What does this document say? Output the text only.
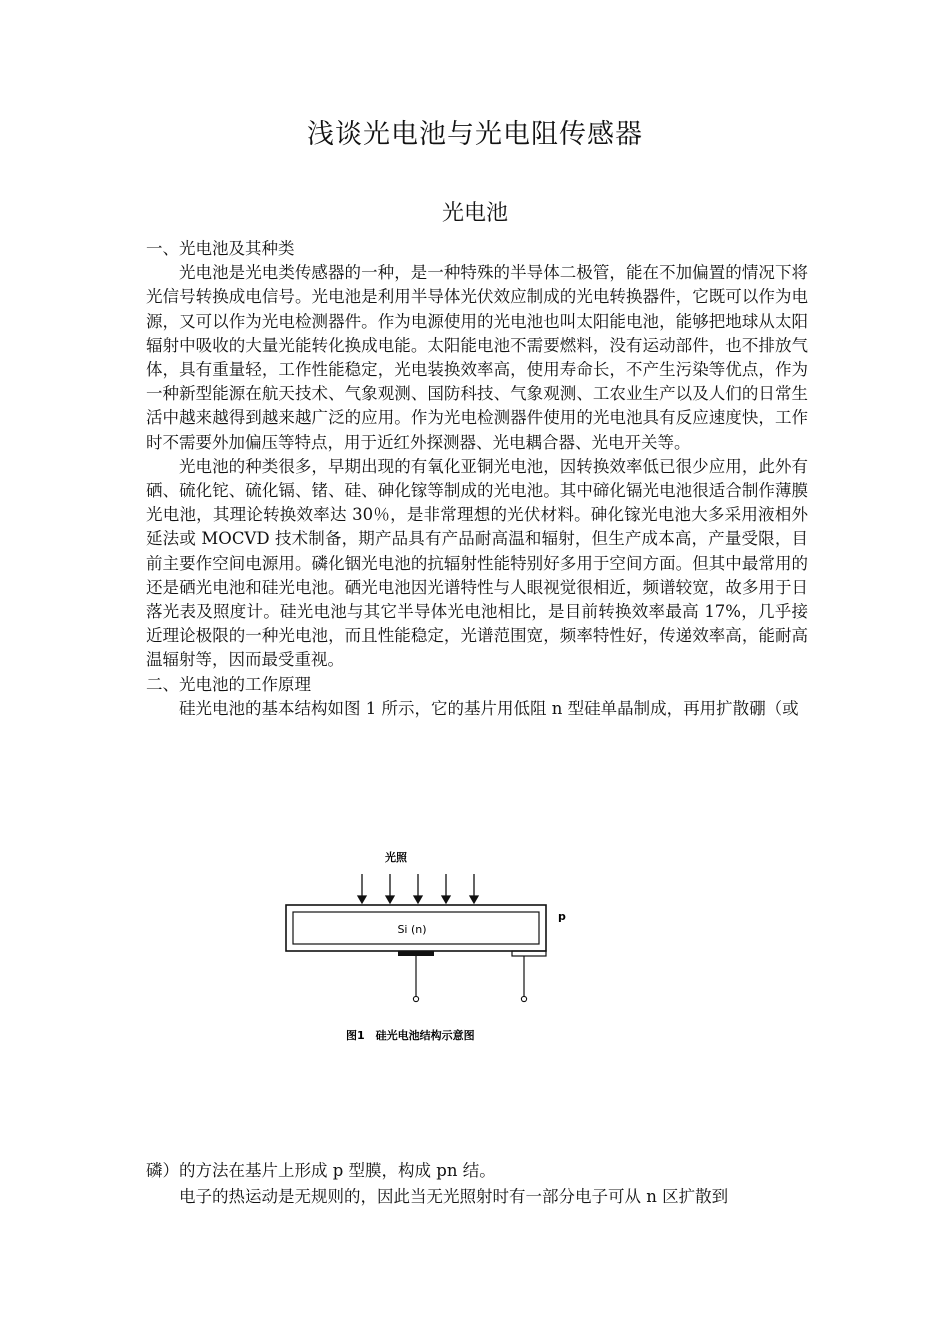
浅谈光电池与光电阻传感器
光电池

一、光电池及其种类

光电池是光电类传感器的一种，是一种特殊的半导体二极管，能在不加偏置的情况下将光信号转换成电信号。光电池是利用半导体光伏效应制成的光电转换器件，它既可以作为电源，又可以作为光电检测器件。作为电源使用的光电池也叫太阳能电池，能够把地球从太阳辐射中吸收的大量光能转化换成电能。太阳能电池不需要燃料，没有运动部件，也不排放气体，具有重量轻，工作性能稳定，光电装换效率高，使用寿命长，不产生污染等优点，作为一种新型能源在航天技术、气象观测、国防科技、气象观测、工农业生产以及人们的日常生活中越来越得到越来越广泛的应用。作为光电检测器件使用的光电池具有反应速度快，工作时不需要外加偏压等特点，用于近红外探测器、光电耦合器、光电开关等。

光电池的种类很多，早期出现的有氧化亚铜光电池，因转换效率低已很少应用，此外有硒、硫化铊、硫化镉、锗、硅、砷化镓等制成的光电池。其中碲化镉光电池很适合制作薄膜光电池，其理论转换效率达 30％，是非常理想的光伏材料。砷化镓光电池大多采用液相外延法或 MOCVD 技术制备，期产品具有产品耐高温和辐射，但生产成本高，产量受限，目前主要作空间电源用。磷化铟光电池的抗辐射性能特别好多用于空间方面。但其中最常用的还是硒光电池和硅光电池。硒光电池因光谱特性与人眼视觉很相近，频谱较宽，故多用于日落光表及照度计。硅光电池与其它半导体光电池相比，是目前转换效率最高 17%，几乎接近理论极限的一种光电池，而且性能稳定，光谱范围宽，频率特性好，传递效率高，能耐高温辐射等，因而最受重视。

二、光电池的工作原理

硅光电池的基本结构如图 1 所示，它的基片用低阻 n 型硅单晶制成，再用扩散硼（或

光照
Si (n)
p
图1　硅光电池结构示意图

磷）的方法在基片上形成 p 型膜，构成 pn 结。

电子的热运动是无规则的，因此当无光照射时有一部分电子可从 n 区扩散到
